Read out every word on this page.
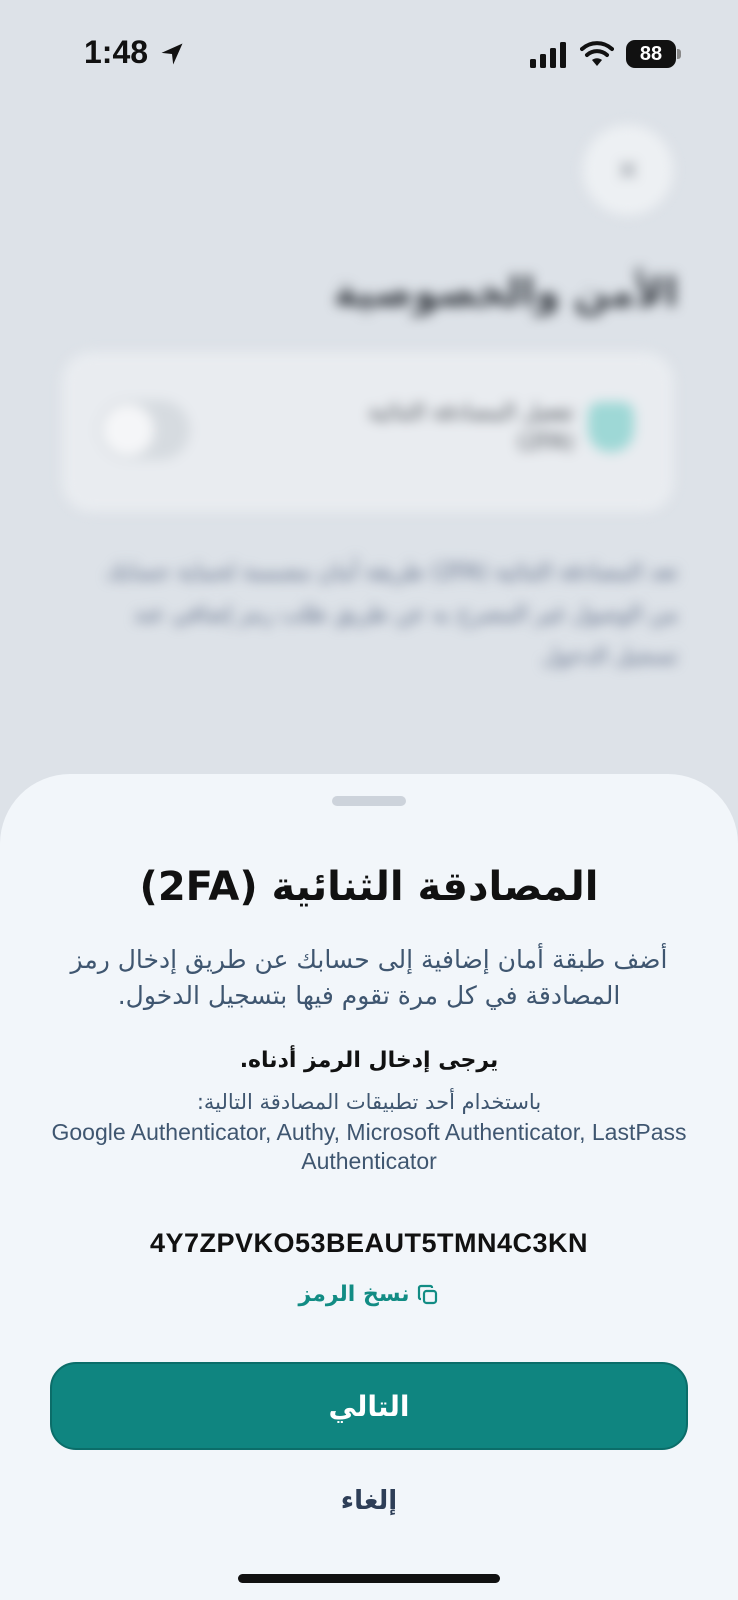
✕
الأمن والخصوصية
تفعيل المصادقة الثنائية (2FA)
تعد المصادقة الثنائية (2FA) طريقة أمان مصممة لحماية حسابك من الوصول غير المصرح به عن طريق طلب رمز إضافي عند تسجيل الدخول
1:48	88
المصادقة الثنائية (2FA)
أضف طبقة أمان إضافية إلى حسابك عن طريق إدخال رمز المصادقة في كل مرة تقوم فيها بتسجيل الدخول.
يرجى إدخال الرمز أدناه.
باستخدام أحد تطبيقات المصادقة التالية:
Google Authenticator, Authy, Microsoft Authenticator, LastPass Authenticator
4Y7ZPVKO53BEAUT5TMN4C3KN
نسخ الرمز
التالي
إلغاء
